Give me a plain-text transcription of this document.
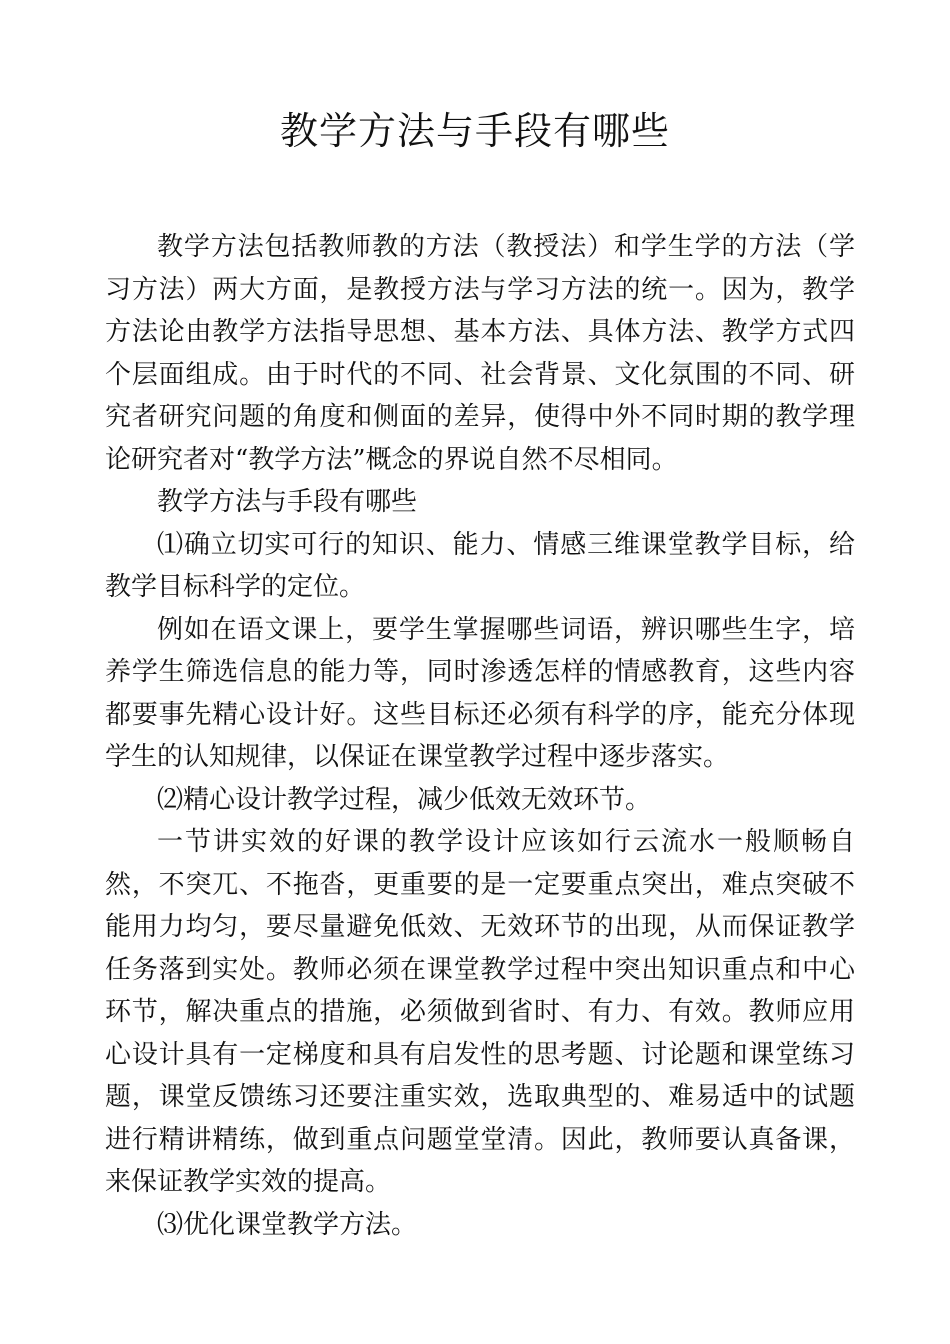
教学方法与手段有哪些

教学方法包括教师教的方法（教授法）和学生学的方法（学习方法）两大方面，是教授方法与学习方法的统一。因为，教学方法论由教学方法指导思想、基本方法、具体方法、教学方式四个层面组成。由于时代的不同、社会背景、文化氛围的不同、研究者研究问题的角度和侧面的差异，使得中外不同时期的教学理论研究者对“教学方法”概念的界说自然不尽相同。

教学方法与手段有哪些

⑴确立切实可行的知识、能力、情感三维课堂教学目标，给教学目标科学的定位。

例如在语文课上，要学生掌握哪些词语，辨识哪些生字，培养学生筛选信息的能力等，同时渗透怎样的情感教育，这些内容都要事先精心设计好。这些目标还必须有科学的序，能充分体现学生的认知规律，以保证在课堂教学过程中逐步落实。

⑵精心设计教学过程，减少低效无效环节。

一节讲实效的好课的教学设计应该如行云流水一般顺畅自然，不突兀、不拖沓，更重要的是一定要重点突出，难点突破不能用力均匀，要尽量避免低效、无效环节的出现，从而保证教学任务落到实处。教师必须在课堂教学过程中突出知识重点和中心环节，解决重点的措施，必须做到省时、有力、有效。教师应用心设计具有一定梯度和具有启发性的思考题、讨论题和课堂练习题，课堂反馈练习还要注重实效，选取典型的、难易适中的试题进行精讲精练，做到重点问题堂堂清。因此，教师要认真备课，来保证教学实效的提高。

⑶优化课堂教学方法。
